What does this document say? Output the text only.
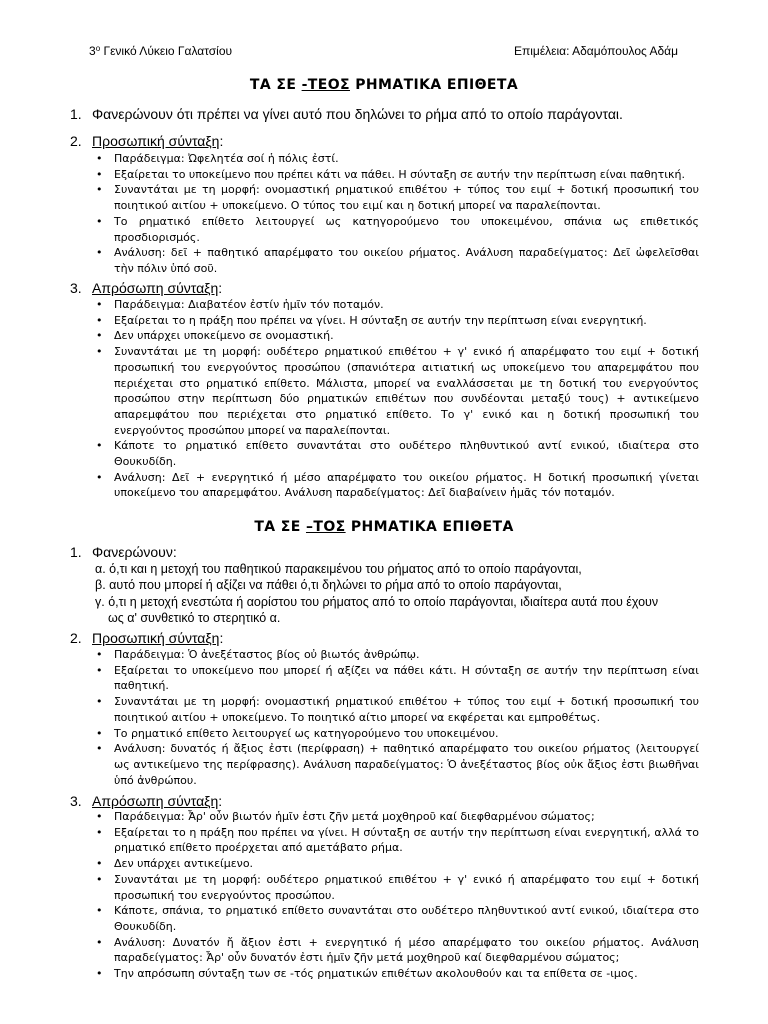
$3^o$ Γενικό Λύκειο Γαλατσίου	Επιμέλεια: Αδαμόπουλος Αδάμ
ΤΑ ΣΕ -ΤΕΟΣ ΡΗΜΑΤΙΚΑ ΕΠΙΘΕΤΑ
1. Φανερώνουν ότι πρέπει να γίνει αυτό που δηλώνει το ρήμα από το οποίο παράγονται.
2. Προσωπική σύνταξη:
• Παράδειγμα: Ὠφελητέα σοί ἡ πόλις ἐστί.
• Εξαίρεται το υποκείμενο που πρέπει κάτι να πάθει. Η σύνταξη σε αυτήν την περίπτωση είναι παθητική.
• Συναντάται με τη μορφή: ονομαστική ρηματικού επιθέτου + τύπος του ειμί + δοτική προσωπική του ποιητικού αιτίου + υποκείμενο. Ο τύπος του ειμί και η δοτική μπορεί να παραλείπονται.
• Το ρηματικό επίθετο λειτουργεί ως κατηγορούμενο του υποκειμένου, σπάνια ως επιθετικός προσδιορισμός.
• Ανάλυση: δεῖ + παθητικό απαρέμφατο του οικείου ρήματος. Ανάλυση παραδείγματος: Δεῖ ὠφελεῖσθαι τὴν πόλιν ὑπό σοῦ.
3. Απρόσωπη σύνταξη:
• Παράδειγμα: Διαβατέον ἐστίν ἡμῖν τόν ποταμόν.
• Εξαίρεται το η πράξη που πρέπει να γίνει. Η σύνταξη σε αυτήν την περίπτωση είναι ενεργητική.
• Δεν υπάρχει υποκείμενο σε ονομαστική.
• Συναντάται με τη μορφή: ουδέτερο ρηματικού επιθέτου + γ' ενικό ή απαρέμφατο του ειμί + δοτική προσωπική του ενεργούντος προσώπου (σπανιότερα αιτιατική ως υποκείμενο του απαρεμφάτου που περιέχεται στο ρηματικό επίθετο. Μάλιστα, μπορεί να εναλλάσσεται με τη δοτική του ενεργούντος προσώπου στην περίπτωση δύο ρηματικών επιθέτων που συνδέονται μεταξύ τους) + αντικείμενο απαρεμφάτου που περιέχεται στο ρηματικό επίθετο. Το γ' ενικό και η δοτική προσωπική του ενεργούντος προσώπου μπορεί να παραλείπονται.
• Κάποτε το ρηματικό επίθετο συναντάται στο ουδέτερο πληθυντικού αντί ενικού, ιδιαίτερα στο Θουκυδίδη.
• Ανάλυση: Δεῖ + ενεργητικό ή μέσο απαρέμφατο του οικείου ρήματος. Η δοτική προσωπική γίνεται υποκείμενο του απαρεμφάτου. Ανάλυση παραδείγματος: Δεῖ διαβαίνειν ἡμᾶς τόν ποταμόν.
ΤΑ ΣΕ –ΤΟΣ ΡΗΜΑΤΙΚΑ ΕΠΙΘΕΤΑ
1. Φανερώνουν:
α. ό,τι και η μετοχή του παθητικού παρακειμένου του ρήματος από το οποίο παράγονται,
β. αυτό που μπορεί ή αξίζει να πάθει ό,τι δηλώνει το ρήμα από το οποίο παράγονται,
γ. ό,τι η μετοχή ενεστώτα ή αορίστου του ρήματος από το οποίο παράγονται, ιδιαίτερα αυτά που έχουν
ως α' συνθετικό το στερητικό α.
2. Προσωπική σύνταξη:
• Παράδειγμα: Ὁ ἀνεξέταστος βίος οὐ βιωτός ἀνθρώπῳ.
• Εξαίρεται το υποκείμενο που μπορεί ή αξίζει να πάθει κάτι. Η σύνταξη σε αυτήν την περίπτωση είναι παθητική.
• Συναντάται με τη μορφή: ονομαστική ρηματικού επιθέτου + τύπος του ειμί + δοτική προσωπική του ποιητικού αιτίου + υποκείμενο. Το ποιητικό αίτιο μπορεί να εκφέρεται και εμπροθέτως.
• Το ρηματικό επίθετο λειτουργεί ως κατηγορούμενο του υποκειμένου.
• Ανάλυση: δυνατός ή ἄξιος ἐστι (περίφραση) + παθητικό απαρέμφατο του οικείου ρήματος (λειτουργεί ως αντικείμενο της περίφρασης). Ανάλυση παραδείγματος: Ὁ ἀνεξέταστος βίος οὐκ ἄξιος ἐστι βιωθῆναι ὑπό ἀνθρώπου.
3. Απρόσωπη σύνταξη:
• Παράδειγμα: Ἆρ' οὖν βιωτόν ἡμῖν ἐστι ζῆν μετά μοχθηροῦ καί διεφθαρμένου σώματος;
• Εξαίρεται το η πράξη που πρέπει να γίνει. Η σύνταξη σε αυτήν την περίπτωση είναι ενεργητική, αλλά το ρηματικό επίθετο προέρχεται από αμετάβατο ρήμα.
• Δεν υπάρχει αντικείμενο.
• Συναντάται με τη μορφή: ουδέτερο ρηματικού επιθέτου + γ' ενικό ή απαρέμφατο του ειμί + δοτική προσωπική του ενεργούντος προσώπου.
• Κάποτε, σπάνια, το ρηματικό επίθετο συναντάται στο ουδέτερο πληθυντικού αντί ενικού, ιδιαίτερα στο Θουκυδίδη.
• Ανάλυση: Δυνατόν ἤ ἄξιον ἐστι + ενεργητικό ή μέσο απαρέμφατο του οικείου ρήματος. Ανάλυση παραδείγματος: Ἆρ' οὖν δυνατόν ἐστι ἡμῖν ζῆν μετά μοχθηροῦ καί διεφθαρμένου σώματος;
• Την απρόσωπη σύνταξη των σε -τός ρηματικών επιθέτων ακολουθούν και τα επίθετα σε -ιμος.
